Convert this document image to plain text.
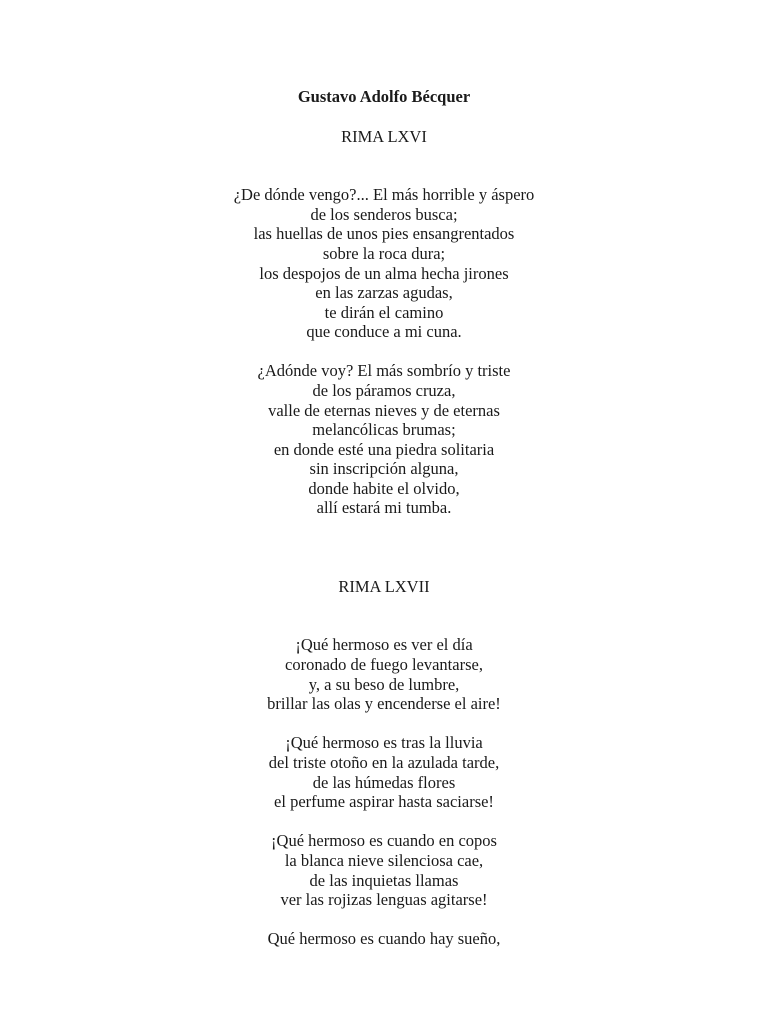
Gustavo Adolfo Bécquer
RIMA LXVI
¿De dónde vengo?... El más horrible y áspero
de los senderos busca;
las huellas de unos pies ensangrentados
sobre la roca dura;
los despojos de un alma hecha jirones
en las zarzas agudas,
te dirán el camino
que conduce a mi cuna.
¿Adónde voy? El más sombrío y triste
de los páramos cruza,
valle de eternas nieves y de eternas
melancólicas brumas;
en donde esté una piedra solitaria
sin inscripción alguna,
donde habite el olvido,
allí estará mi tumba.
RIMA LXVII
¡Qué hermoso es ver el día
coronado de fuego levantarse,
y, a su beso de lumbre,
brillar las olas y encenderse el aire!
¡Qué hermoso es tras la lluvia
del triste otoño en la azulada tarde,
de las húmedas flores
el perfume aspirar hasta saciarse!
¡Qué hermoso es cuando en copos
la blanca nieve silenciosa cae,
de las inquietas llamas
ver las rojizas lenguas agitarse!
Qué hermoso es cuando hay sueño,
